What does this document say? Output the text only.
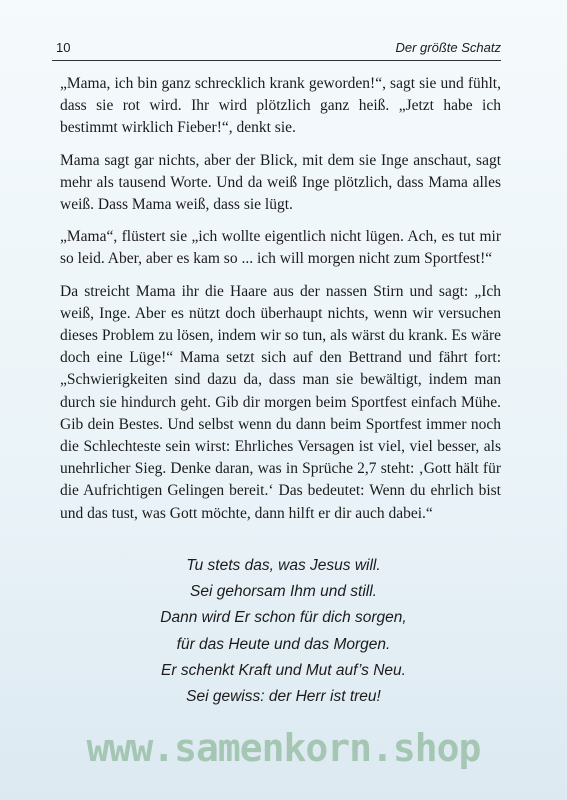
10	Der größte Schatz

„Mama, ich bin ganz schrecklich krank geworden!“, sagt sie und fühlt, dass sie rot wird. Ihr wird plötzlich ganz heiß. „Jetzt habe ich bestimmt wirklich Fieber!“, denkt sie.

Mama sagt gar nichts, aber der Blick, mit dem sie Inge anschaut, sagt mehr als tausend Worte. Und da weiß Inge plötzlich, dass Mama alles weiß. Dass Mama weiß, dass sie lügt.

„Mama“, flüstert sie „ich wollte eigentlich nicht lügen. Ach, es tut mir so leid. Aber, aber es kam so ... ich will morgen nicht zum Sportfest!“

Da streicht Mama ihr die Haare aus der nassen Stirn und sagt: „Ich weiß, Inge. Aber es nützt doch überhaupt nichts, wenn wir versuchen dieses Problem zu lösen, indem wir so tun, als wärst du krank. Es wäre doch eine Lüge!“ Mama setzt sich auf den Bettrand und fährt fort: „Schwierigkeiten sind dazu da, dass man sie bewältigt, indem man durch sie hindurch geht. Gib dir morgen beim Sportfest einfach Mühe. Gib dein Bestes. Und selbst wenn du dann beim Sportfest immer noch die Schlechteste sein wirst: Ehrliches Versagen ist viel, viel besser, als unehrlicher Sieg. Denke daran, was in Sprüche 2,7 steht: ‚Gott hält für die Aufrichtigen Gelingen bereit.‘ Das bedeutet: Wenn du ehrlich bist und das tust, was Gott möchte, dann hilft er dir auch dabei.“

Tu stets das, was Jesus will.
Sei gehorsam Ihm und still.
Dann wird Er schon für dich sorgen,
für das Heute und das Morgen.
Er schenkt Kraft und Mut auf’s Neu.
Sei gewiss: der Herr ist treu!
www.samenkorn.shop
